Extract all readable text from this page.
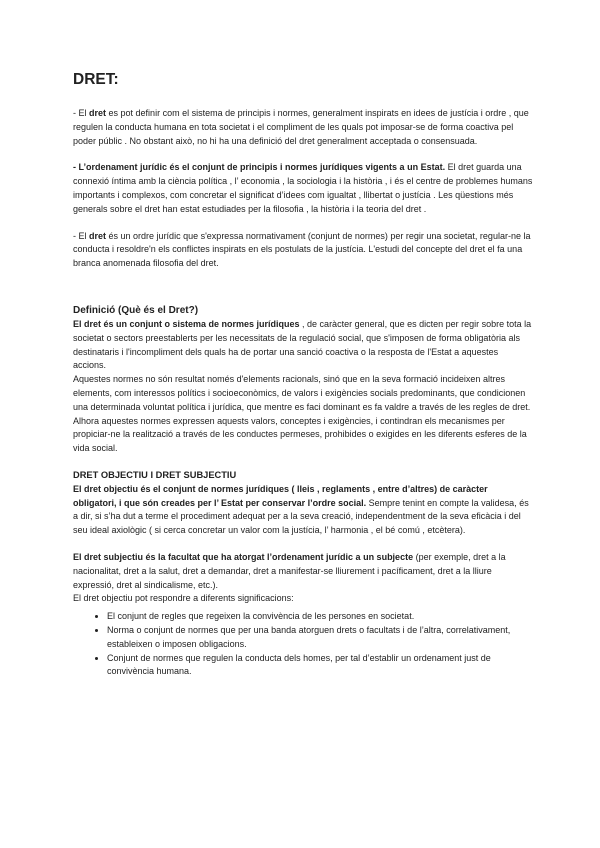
DRET:

- El dret es pot definir com el sistema de principis i normes, generalment inspirats en idees de justícia i ordre , que regulen la conducta humana en tota societat i el compliment de les quals pot imposar-se de forma coactiva pel poder públic . No obstant això, no hi ha una definició del dret generalment acceptada o consensuada.

- L’ordenament jurídic és el conjunt de principis i normes jurídiques vigents a un Estat. El dret guarda una connexió íntima amb la ciència política , l’ economia , la sociologia i la història , i és el centre de problemes humans importants i complexos, com concretar el significat d’idees com igualtat , llibertat o justícia . Les qüestions més generals sobre el dret han estat estudiades per la filosofia , la història i la teoria del dret .

- El dret és un ordre jurídic que s'expressa normativament (conjunt de normes) per regir una societat, regular-ne la conducta i resoldre'n els conflictes inspirats en els postulats de la justícia. L'estudi del concepte del dret el fa una branca anomenada filosofia del dret.

Definició (Què és el Dret?)

El dret és un conjunt o sistema de normes jurídiques , de caràcter general, que es dicten per regir sobre tota la societat o sectors preestablerts per les necessitats de la regulació social, que s'imposen de forma obligatòria als destinataris i l'incompliment dels quals ha de portar una sanció coactiva o la resposta de l'Estat a aquestes accions.

Aquestes normes no són resultat només d'elements racionals, sinó que en la seva formació incideixen altres elements, com interessos polítics i socioeconòmics, de valors i exigències socials predominants, que condicionen una determinada voluntat política i jurídica, que mentre es faci dominant es fa valdre a través de les regles de dret. Alhora aquestes normes expressen aquests valors, conceptes i exigències, i contindran els mecanismes per propiciar-ne la realització a través de les conductes permeses, prohibides o exigides en les diferents esferes de la vida social.

DRET OBJECTIU I DRET SUBJECTIU

El dret objectiu és el conjunt de normes jurídiques ( lleis , reglaments , entre d’altres) de caràcter obligatori, i que són creades per l’ Estat per conservar l’ordre social. Sempre tenint en compte la validesa, és a dir, si s’ha dut a terme el procediment adequat per a la seva creació, independentment de la seva eficàcia i del seu ideal axiològic ( si cerca concretar un valor com la justícia, l’ harmonia , el bé comú , etcètera).

El dret subjectiu és la facultat que ha atorgat l’ordenament jurídic a un subjecte (per exemple, dret a la nacionalitat, dret a la salut, dret a demandar, dret a manifestar-se lliurement i pacíficament, dret a la lliure expressió, dret al sindicalisme, etc.).

El dret objectiu pot respondre a diferents significacions:

• El conjunt de regles que regeixen la convivència de les persones en societat.
• Norma o conjunt de normes que per una banda atorguen drets o facultats i de l’altra, correlativament, estableixen o imposen obligacions.
• Conjunt de normes que regulen la conducta dels homes, per tal d’establir un ordenament just de convivència humana.
